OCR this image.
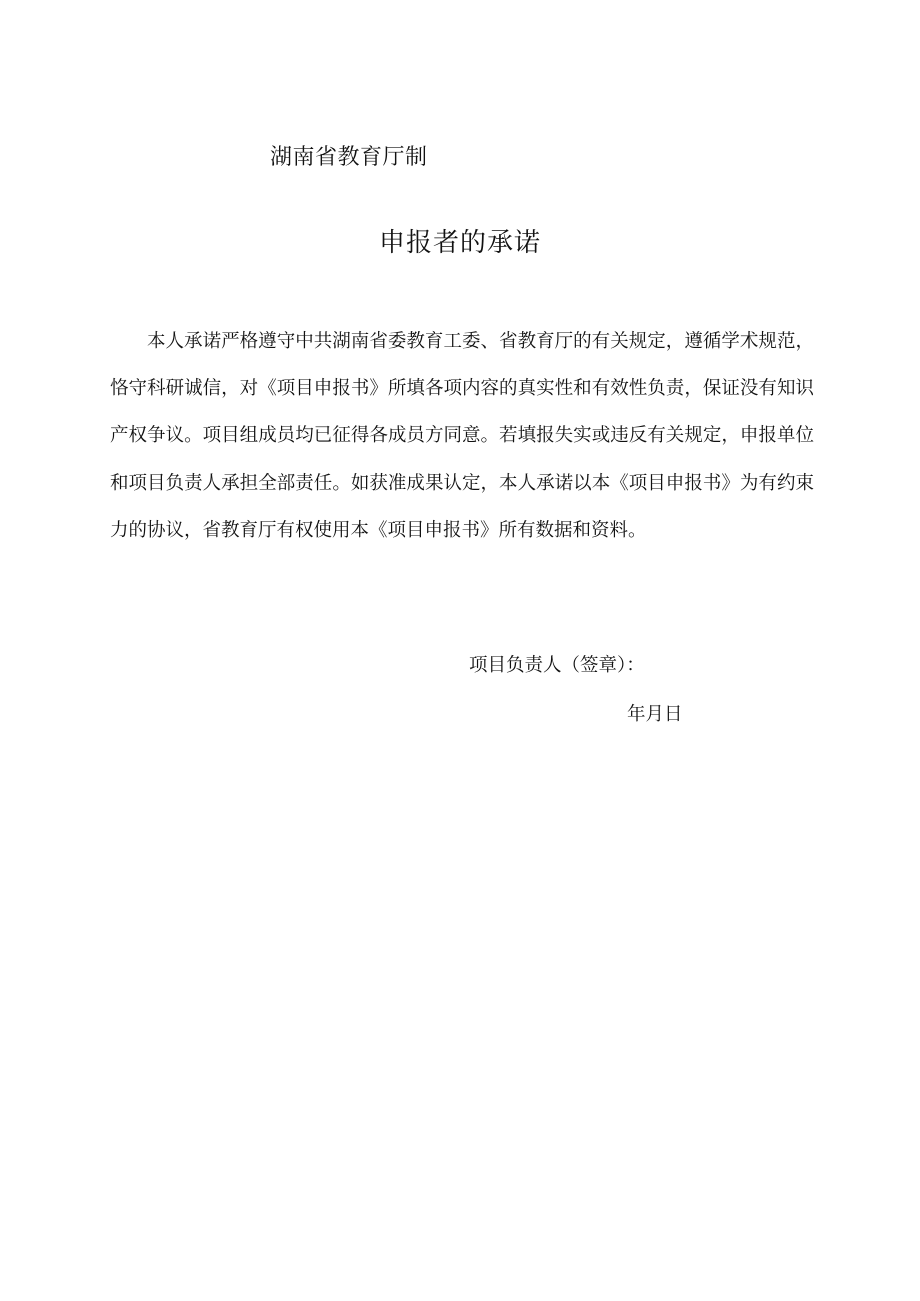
湖南省教育厅制

申报者的承诺

本人承诺严格遵守中共湖南省委教育工委、省教育厅的有关规定，遵循学术规范，恪守科研诚信，对《项目申报书》所填各项内容的真实性和有效性负责，保证没有知识产权争议。项目组成员均已征得各成员方同意。若填报失实或违反有关规定，申报单位和项目负责人承担全部责任。如获准成果认定，本人承诺以本《项目申报书》为有约束力的协议，省教育厅有权使用本《项目申报书》所有数据和资料。

项目负责人（签章）：

年月日
